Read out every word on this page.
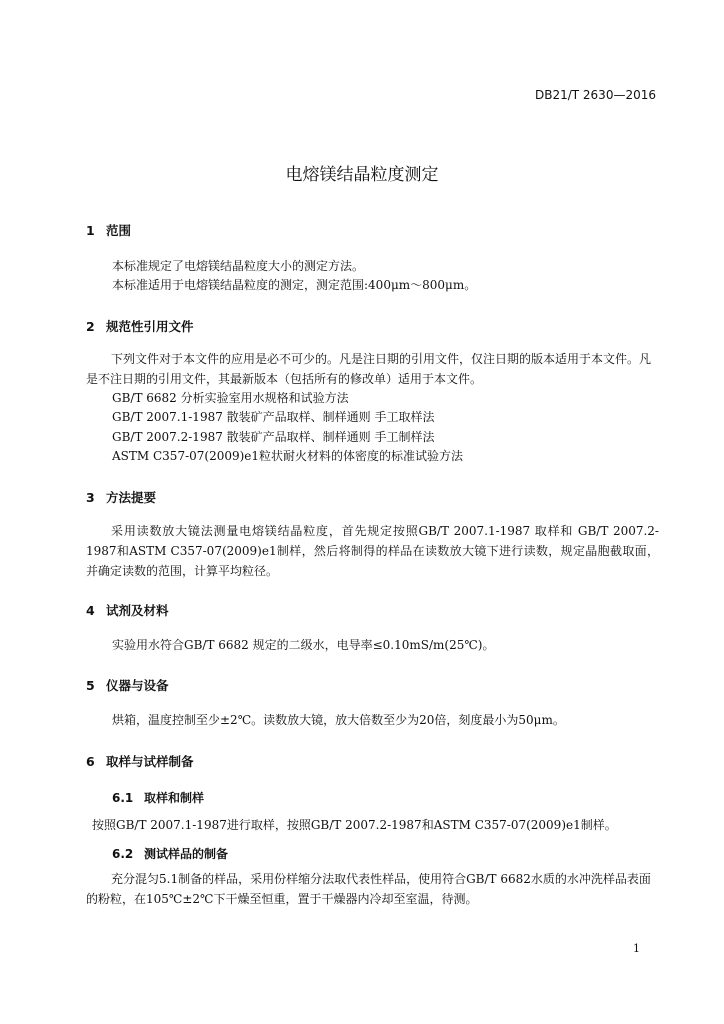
DB21/T 2630—2016
电熔镁结晶粒度测定
1 范围
本标准规定了电熔镁结晶粒度大小的测定方法。
本标准适用于电熔镁结晶粒度的测定，测定范围:400μm～800μm。
2 规范性引用文件
下列文件对于本文件的应用是必不可少的。凡是注日期的引用文件，仅注日期的版本适用于本文件。凡是不注日期的引用文件，其最新版本（包括所有的修改单）适用于本文件。
GB/T 6682 分析实验室用水规格和试验方法
GB/T 2007.1-1987 散装矿产品取样、制样通则 手工取样法
GB/T 2007.2-1987 散装矿产品取样、制样通则 手工制样法
ASTM C357-07(2009)e1粒状耐火材料的体密度的标准试验方法
3 方法提要
采用读数放大镜法测量电熔镁结晶粒度，首先规定按照GB/T 2007.1-1987 取样和 GB/T 2007.2-1987和ASTM C357-07(2009)e1制样，然后将制得的样品在读数放大镜下进行读数，规定晶胞截取面，并确定读数的范围，计算平均粒径。
4 试剂及材料
实验用水符合GB/T 6682 规定的二级水，电导率≤0.10mS/m(25℃)。
5 仪器与设备
烘箱，温度控制至少±2℃。读数放大镜，放大倍数至少为20倍，刻度最小为50μm。
6 取样与试样制备
6.1 取样和制样
按照GB/T 2007.1-1987进行取样，按照GB/T 2007.2-1987和ASTM C357-07(2009)e1制样。
6.2 测试样品的制备
充分混匀5.1制备的样品，采用份样缩分法取代表性样品，使用符合GB/T 6682水质的水冲洗样品表面的粉粒，在105℃±2℃下干燥至恒重，置于干燥器内冷却至室温，待测。
1
